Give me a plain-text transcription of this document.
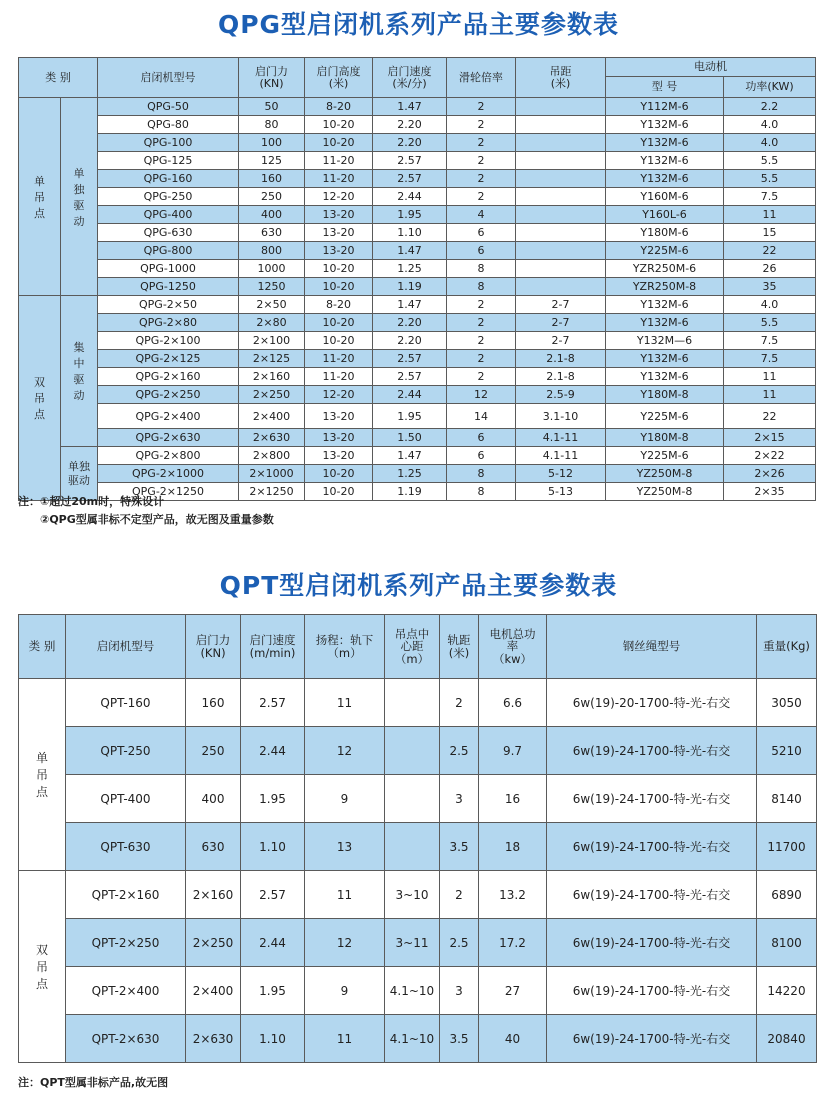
QPG型启闭机系列产品主要参数表
类 别		启闭机型号	启门力
(KN)	启门高度
(米)	启门速度
(米/分)	滑轮倍率	吊距
(米)	电动机	
								型 号	功率(KW)
单
吊
点	单
独
驱
动	QPG-50	50	8-20	1.47	2		Y112M-6	2.2
		QPG-80	80	10-20	2.20	2		Y132M-6	4.0
		QPG-100	100	10-20	2.20	2		Y132M-6	4.0
		QPG-125	125	11-20	2.57	2		Y132M-6	5.5
		QPG-160	160	11-20	2.57	2		Y132M-6	5.5
		QPG-250	250	12-20	2.44	2		Y160M-6	7.5
		QPG-400	400	13-20	1.95	4		Y160L-6	11
		QPG-630	630	13-20	1.10	6		Y180M-6	15
		QPG-800	800	13-20	1.47	6		Y225M-6	22
		QPG-1000	1000	10-20	1.25	8		YZR250M-6	26
		QPG-1250	1250	10-20	1.19	8		YZR250M-8	35
双
吊
点	集
中
驱
动	QPG-2×50	2×50	8-20	1.47	2	2-7	Y132M-6	4.0
		QPG-2×80	2×80	10-20	2.20	2	2-7	Y132M-6	5.5
		QPG-2×100	2×100	10-20	2.20	2	2-7	Y132M—6	7.5
		QPG-2×125	2×125	11-20	2.57	2	2.1-8	Y132M-6	7.5
		QPG-2×160	2×160	11-20	2.57	2	2.1-8	Y132M-6	11
		QPG-2×250	2×250	12-20	2.44	12	2.5-9	Y180M-8	11
		QPG-2×400	2×400	13-20	1.95	14	3.1-10	Y225M-6	22
		QPG-2×630	2×630	13-20	1.50	6	4.1-11	Y180M-8	2×15
	单独
驱动	QPG-2×800	2×800	13-20	1.47	6	4.1-11	Y225M-6	2×22
		QPG-2×1000	2×1000	10-20	1.25	8	5-12	YZ250M-8	2×26
		QPG-2×1250	2×1250	10-20	1.19	8	5-13	YZ250M-8	2×35
注：①超过20m时，特殊设计
②QPG型属非标不定型产品，故无图及重量参数
QPT型启闭机系列产品主要参数表
类 别	启闭机型号	启门力
(KN)	启门速度
(m/min)	扬程：轨下
（m）	吊点中
心距
（m）	轨距
(米)	电机总功
率
（kw）	钢丝绳型号	重量(Kg)
单
吊
点	QPT-160	160	2.57	11		2	6.6	6w(19)-20-1700-特-光-右交	3050
	QPT-250	250	2.44	12		2.5	9.7	6w(19)-24-1700-特-光-右交	5210
	QPT-400	400	1.95	9		3	16	6w(19)-24-1700-特-光-右交	8140
	QPT-630	630	1.10	13		3.5	18	6w(19)-24-1700-特-光-右交	11700
双
吊
点	QPT-2×160	2×160	2.57	11	3~10	2	13.2	6w(19)-24-1700-特-光-右交	6890
	QPT-2×250	2×250	2.44	12	3~11	2.5	17.2	6w(19)-24-1700-特-光-右交	8100
	QPT-2×400	2×400	1.95	9	4.1~10	3	27	6w(19)-24-1700-特-光-右交	14220
	QPT-2×630	2×630	1.10	11	4.1~10	3.5	40	6w(19)-24-1700-特-光-右交	20840
注：QPT型属非标产品,故无图
